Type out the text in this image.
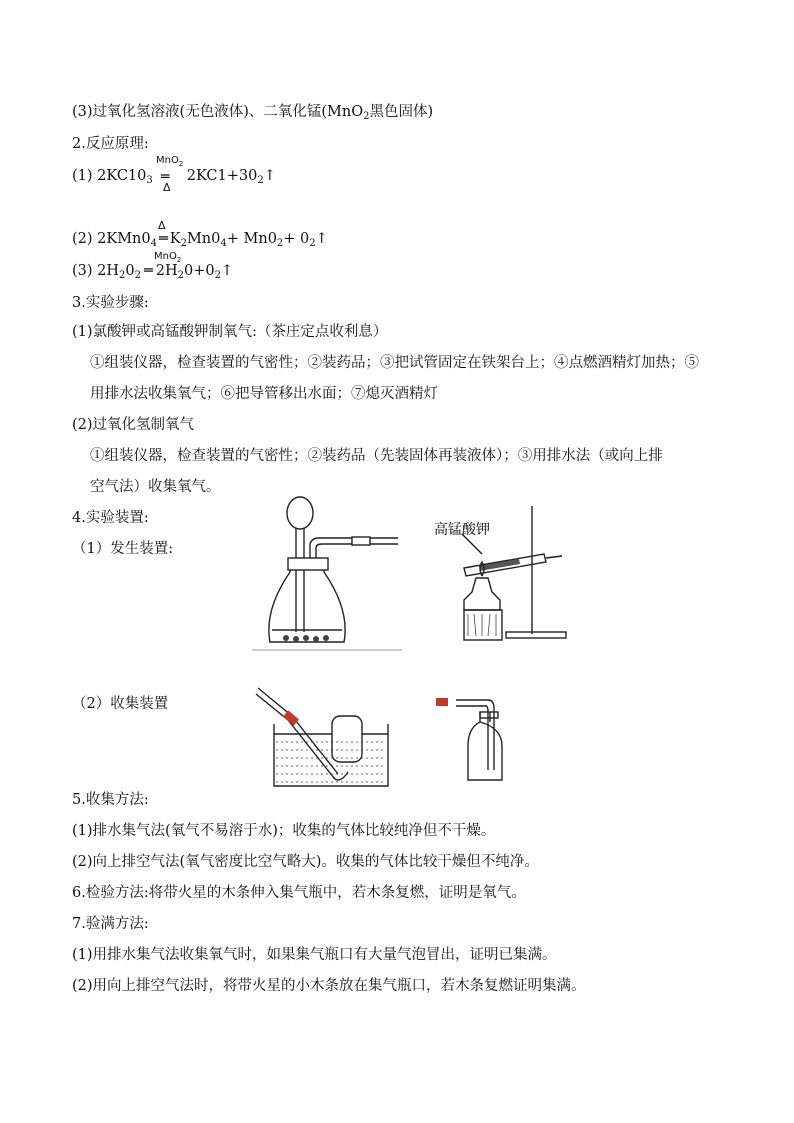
(3)过氧化氢溶液(无色液体)、二氧化锰(MnO$_2$黑色固体)
2.反应原理:
(1) $2KC10_3$ $2KC1+30_2↑$
MnO$_2$
═
Δ
(2) $2KMn0_4$ ═ $K_2Mn0_4+ Mn0_2+$ $0_2↑$
Δ
(3) $2H_20_2$ ═ $2H_20+0_2↑$
MnO$_2$
3.实验步骤:
(1)氯酸钾或高锰酸钾制氧气:（茶庄定点收利息）
①组装仪器，检查装置的气密性；②装药品；③把试管固定在铁架台上；④点燃酒精灯加热；⑤
用排水法收集氧气；⑥把导管移出水面；⑦熄灭酒精灯
(2)过氧化氢制氧气
①组装仪器，检查装置的气密性；②装药品（先装固体再装液体）；③用排水法（或向上排
空气法）收集氧气。
4.实验装置:
（1）发生装置:
（2）收集装置
5.收集方法:
(1)排水集气法(氧气不易溶于水)；收集的气体比较纯净但不干燥。
(2)向上排空气法(氧气密度比空气略大)。收集的气体比较干燥但不纯净。
6.检验方法:将带火星的木条伸入集气瓶中，若木条复燃，证明是氧气。
7.验满方法:
(1)用排水集气法收集氧气时，如果集气瓶口有大量气泡冒出，证明已集满。
(2)用向上排空气法时，将带火星的小木条放在集气瓶口，若木条复燃证明集满。
高锰酸钾
